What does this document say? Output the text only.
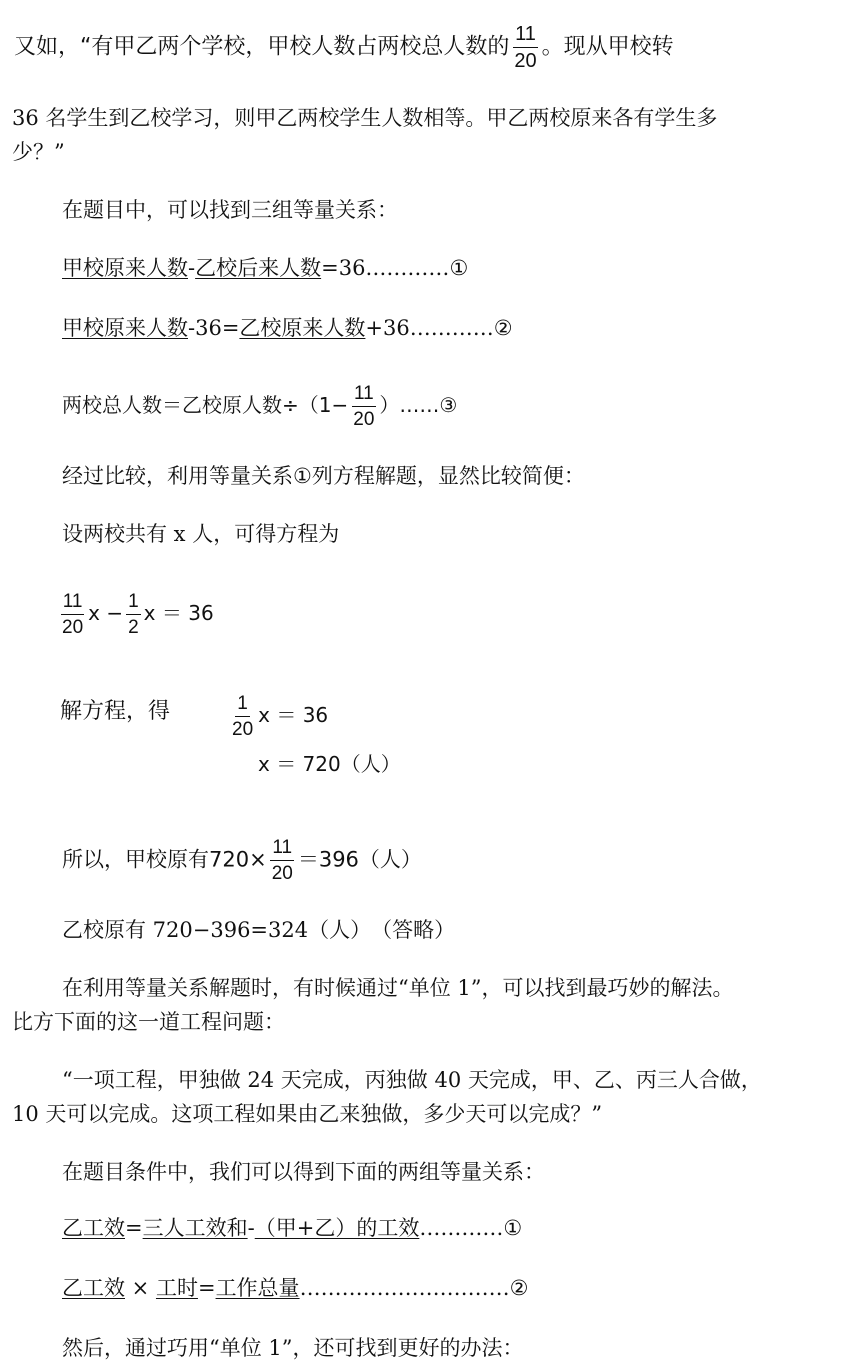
又如，“有甲乙两个学校，甲校人数占两校总人数的 $\frac{11}{20}$ 。现从甲校转
36 名学生到乙校学习，则甲乙两校学生人数相等。甲乙两校原来各有学生多
少？”
在题目中，可以找到三组等量关系：
甲校原来人数-乙校后来人数=36…………①
甲校原来人数-36=乙校原来人数+36…………②
两校总人数＝乙校原人数$\div(1- \frac{11}{20}$ ）……③
经过比较，利用等量关系①列方程解题，显然比较简便：
设两校共有 x 人，可得方程为
$\frac{11}{20}$ $x - \frac{1}{2}$ x ＝ 36
解方程，得	$\frac{1}{20}$ x ＝ 36
x ＝ 720（人）
所以，甲校原有$720\times \frac{11}{20} =396$（人）
乙校原有 720−396=324（人）　（答略）
在利用等量关系解题时，有时候通过“单位 1”，可以找到最巧妙的解法。
比方下面的这一道工程问题：
“一项工程，甲独做 24 天完成，丙独做 40 天完成，甲、乙、丙三人合做，
10 天可以完成。这项工程如果由乙来独做，多少天可以完成？”
在题目条件中，我们可以得到下面的两组等量关系：
乙工效=三人工效和-（甲+乙）的工效…………①
乙工效 × 工时=工作总量…………………………②
然后，通过巧用“单位 1”，还可找到更好的办法：
